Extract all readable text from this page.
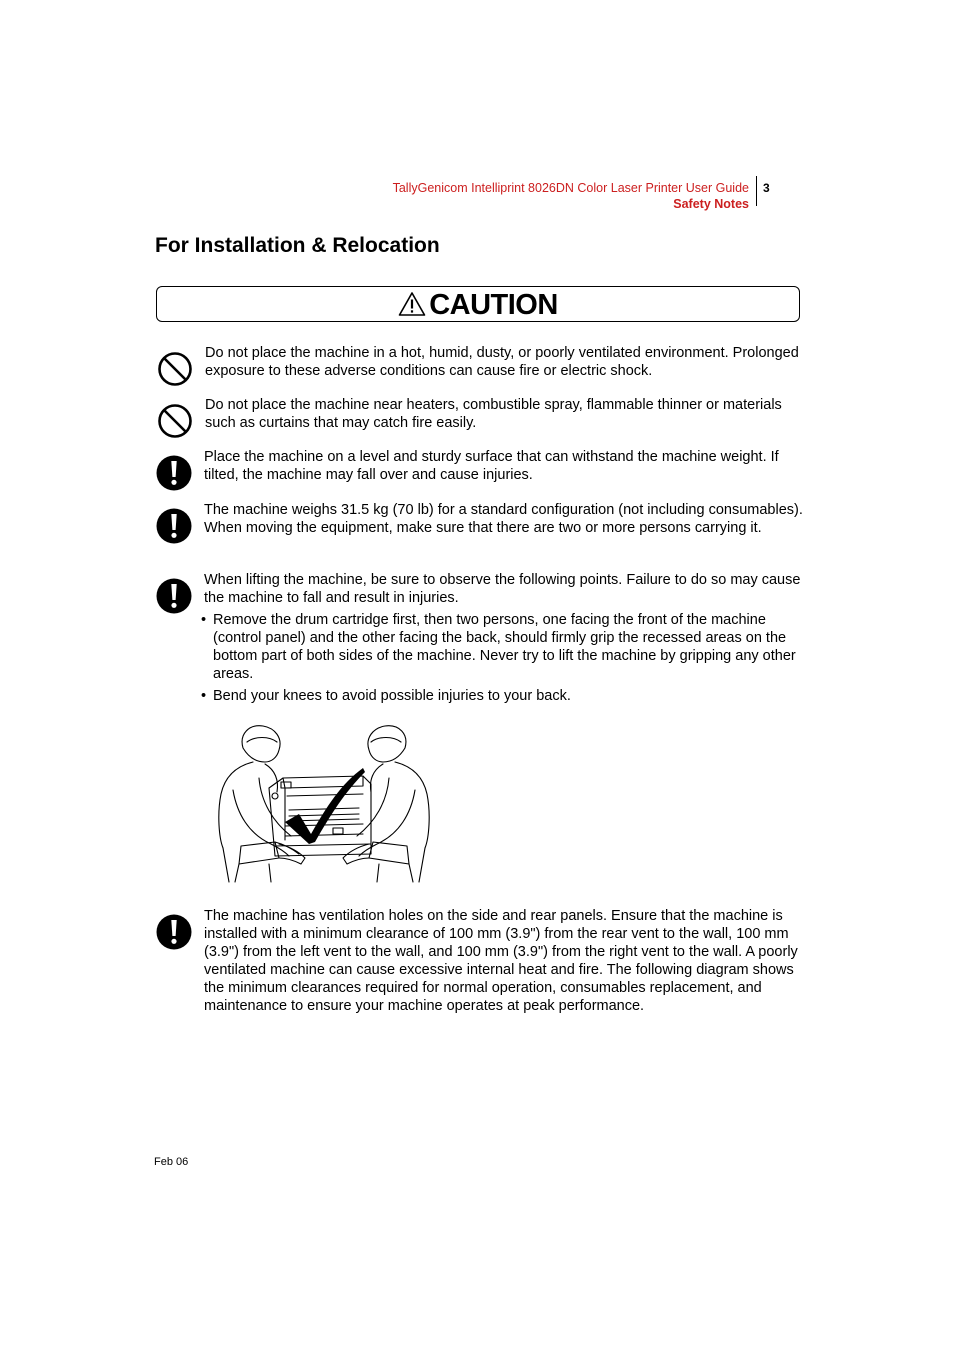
TallyGenicom Intelliprint 8026DN Color Laser Printer User Guide
Safety Notes
3
For Installation & Relocation
CAUTION
Do not place the machine in a hot, humid, dusty, or poorly ventilated environment. Prolonged exposure to these adverse conditions can cause fire or electric shock.
Do not place the machine near heaters, combustible spray, flammable thinner or materials such as curtains that may catch fire easily.
Place the machine on a level and sturdy surface that can withstand the machine weight. If tilted, the machine may fall over and cause injuries.
The machine weighs 31.5 kg (70 lb) for a standard configuration (not including consumables). When moving the equipment, make sure that there are two or more persons carrying it.
When lifting the machine, be sure to observe the following points. Failure to do so may cause the machine to fall and result in injuries.
• Remove the drum cartridge first, then two persons, one facing the front of the machine (control panel) and the other facing the back, should firmly grip the recessed areas on the bottom part of both sides of the machine. Never try to lift the machine by gripping any other areas.
• Bend your knees to avoid possible injuries to your back.
The machine has ventilation holes on the side and rear panels. Ensure that the machine is installed with a minimum clearance of 100 mm (3.9") from the rear vent to the wall, 100 mm (3.9") from the left vent to the wall, and 100 mm (3.9") from the right vent to the wall. A poorly ventilated machine can cause excessive internal heat and fire. The following diagram shows the minimum clearances required for normal operation, consumables replacement, and maintenance to ensure your machine operates at peak performance.
Feb 06
